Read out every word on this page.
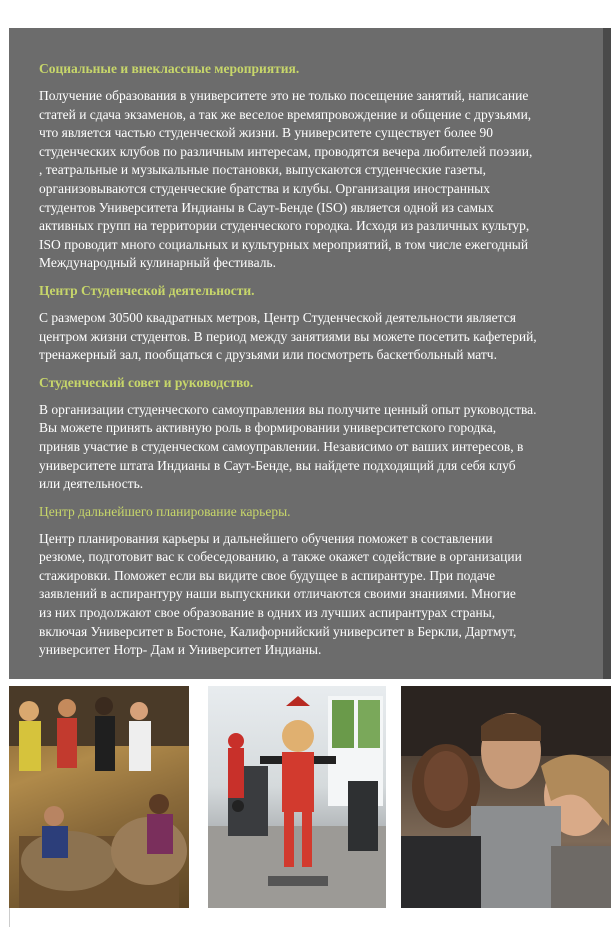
Социальные и внеклассные мероприятия.
Получение образования в университете это не только посещение занятий, написание
статей и сдача экзаменов, а так же веселое времяпровождение и общение с друзьями,
что является частью студенческой жизни. В университете существует более 90
студенческих клубов по различным интересам, проводятся вечера любителей поэзии,
, театральные и музыкальные постановки, выпускаются студенческие газеты,
организовываются студенческие братства и клубы. Организация иностранных
студентов Университета Индианы в Саут-Бенде (ISO) является одной из самых
активных групп на территории студенческого городка. Исходя из различных культур,
ISO проводит много социальных и культурных мероприятий, в том числе ежегодный
Международный кулинарный фестиваль.
Центр Студенческой деятельности.
С размером 30500 квадратных метров, Центр Студенческой деятельности является
центром жизни студентов. В период между занятиями вы можете посетить кафетерий,
тренажерный зал, пообщаться с друзьями или посмотреть баскетбольный матч.
Студенческий совет и руководство.
В организации студенческого самоуправления вы получите ценный опыт руководства.
Вы можете принять активную роль в формировании университетского городка,
приняв участие в студенческом самоуправлении. Независимо от ваших интересов, в
университете штата Индианы в Саут-Бенде, вы найдете подходящий для себя клуб
или деятельность.
Центр дальнейшего планирование карьеры.
Центр планирования карьеры и дальнейшего обучения поможет в составлении
резюме, подготовит вас к собеседованию, а также окажет содействие в организации
стажировки. Поможет если вы видите свое будущее в аспирантуре. При подаче
заявлений в аспирантуру наши выпускники отличаются своими знаниями. Многие
из них продолжают свое образование в одних из лучших аспирантурах страны,
включая Университет в Бостоне, Калифорнийский университет в Беркли, Дартмут,
университет Нотр- Дам и Университет Индианы.
